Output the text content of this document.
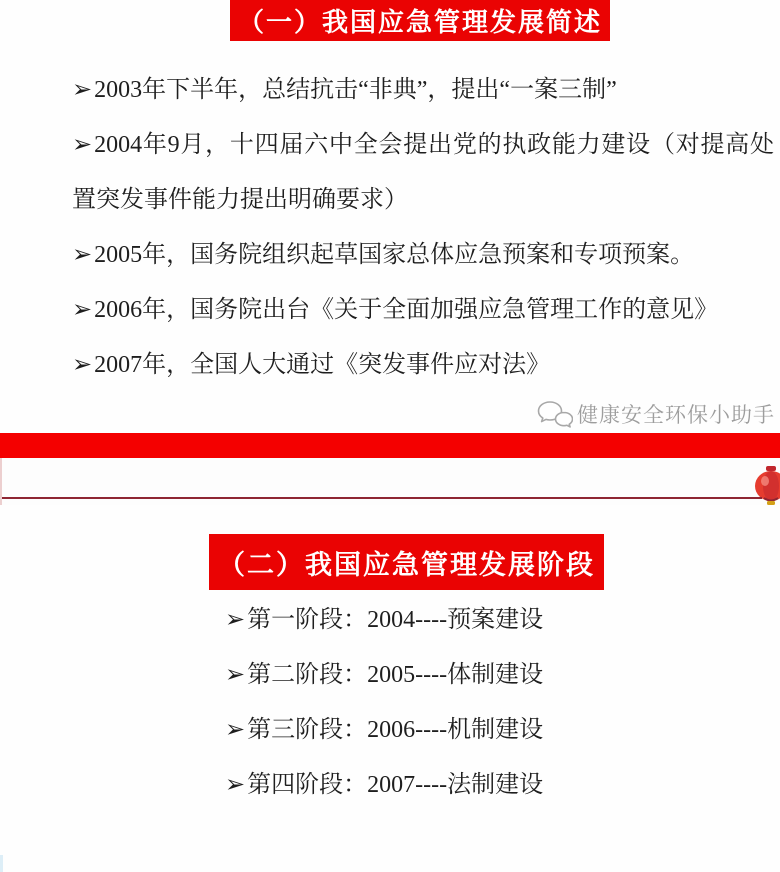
（一）我国应急管理发展简述

➢2003年下半年，总结抗击“非典”，提出“一案三制”

➢2004年9月，十四届六中全会提出党的执政能力建设（对提高处置突发事件能力提出明确要求）

➢2005年，国务院组织起草国家总体应急预案和专项预案。

➢2006年，国务院出台《关于全面加强应急管理工作的意见》

➢2007年，全国人大通过《突发事件应对法》

健康安全环保小助手
（二）我国应急管理发展阶段

➢第一阶段：2004----预案建设

➢第二阶段：2005----体制建设

➢第三阶段：2006----机制建设

➢第四阶段：2007----法制建设
